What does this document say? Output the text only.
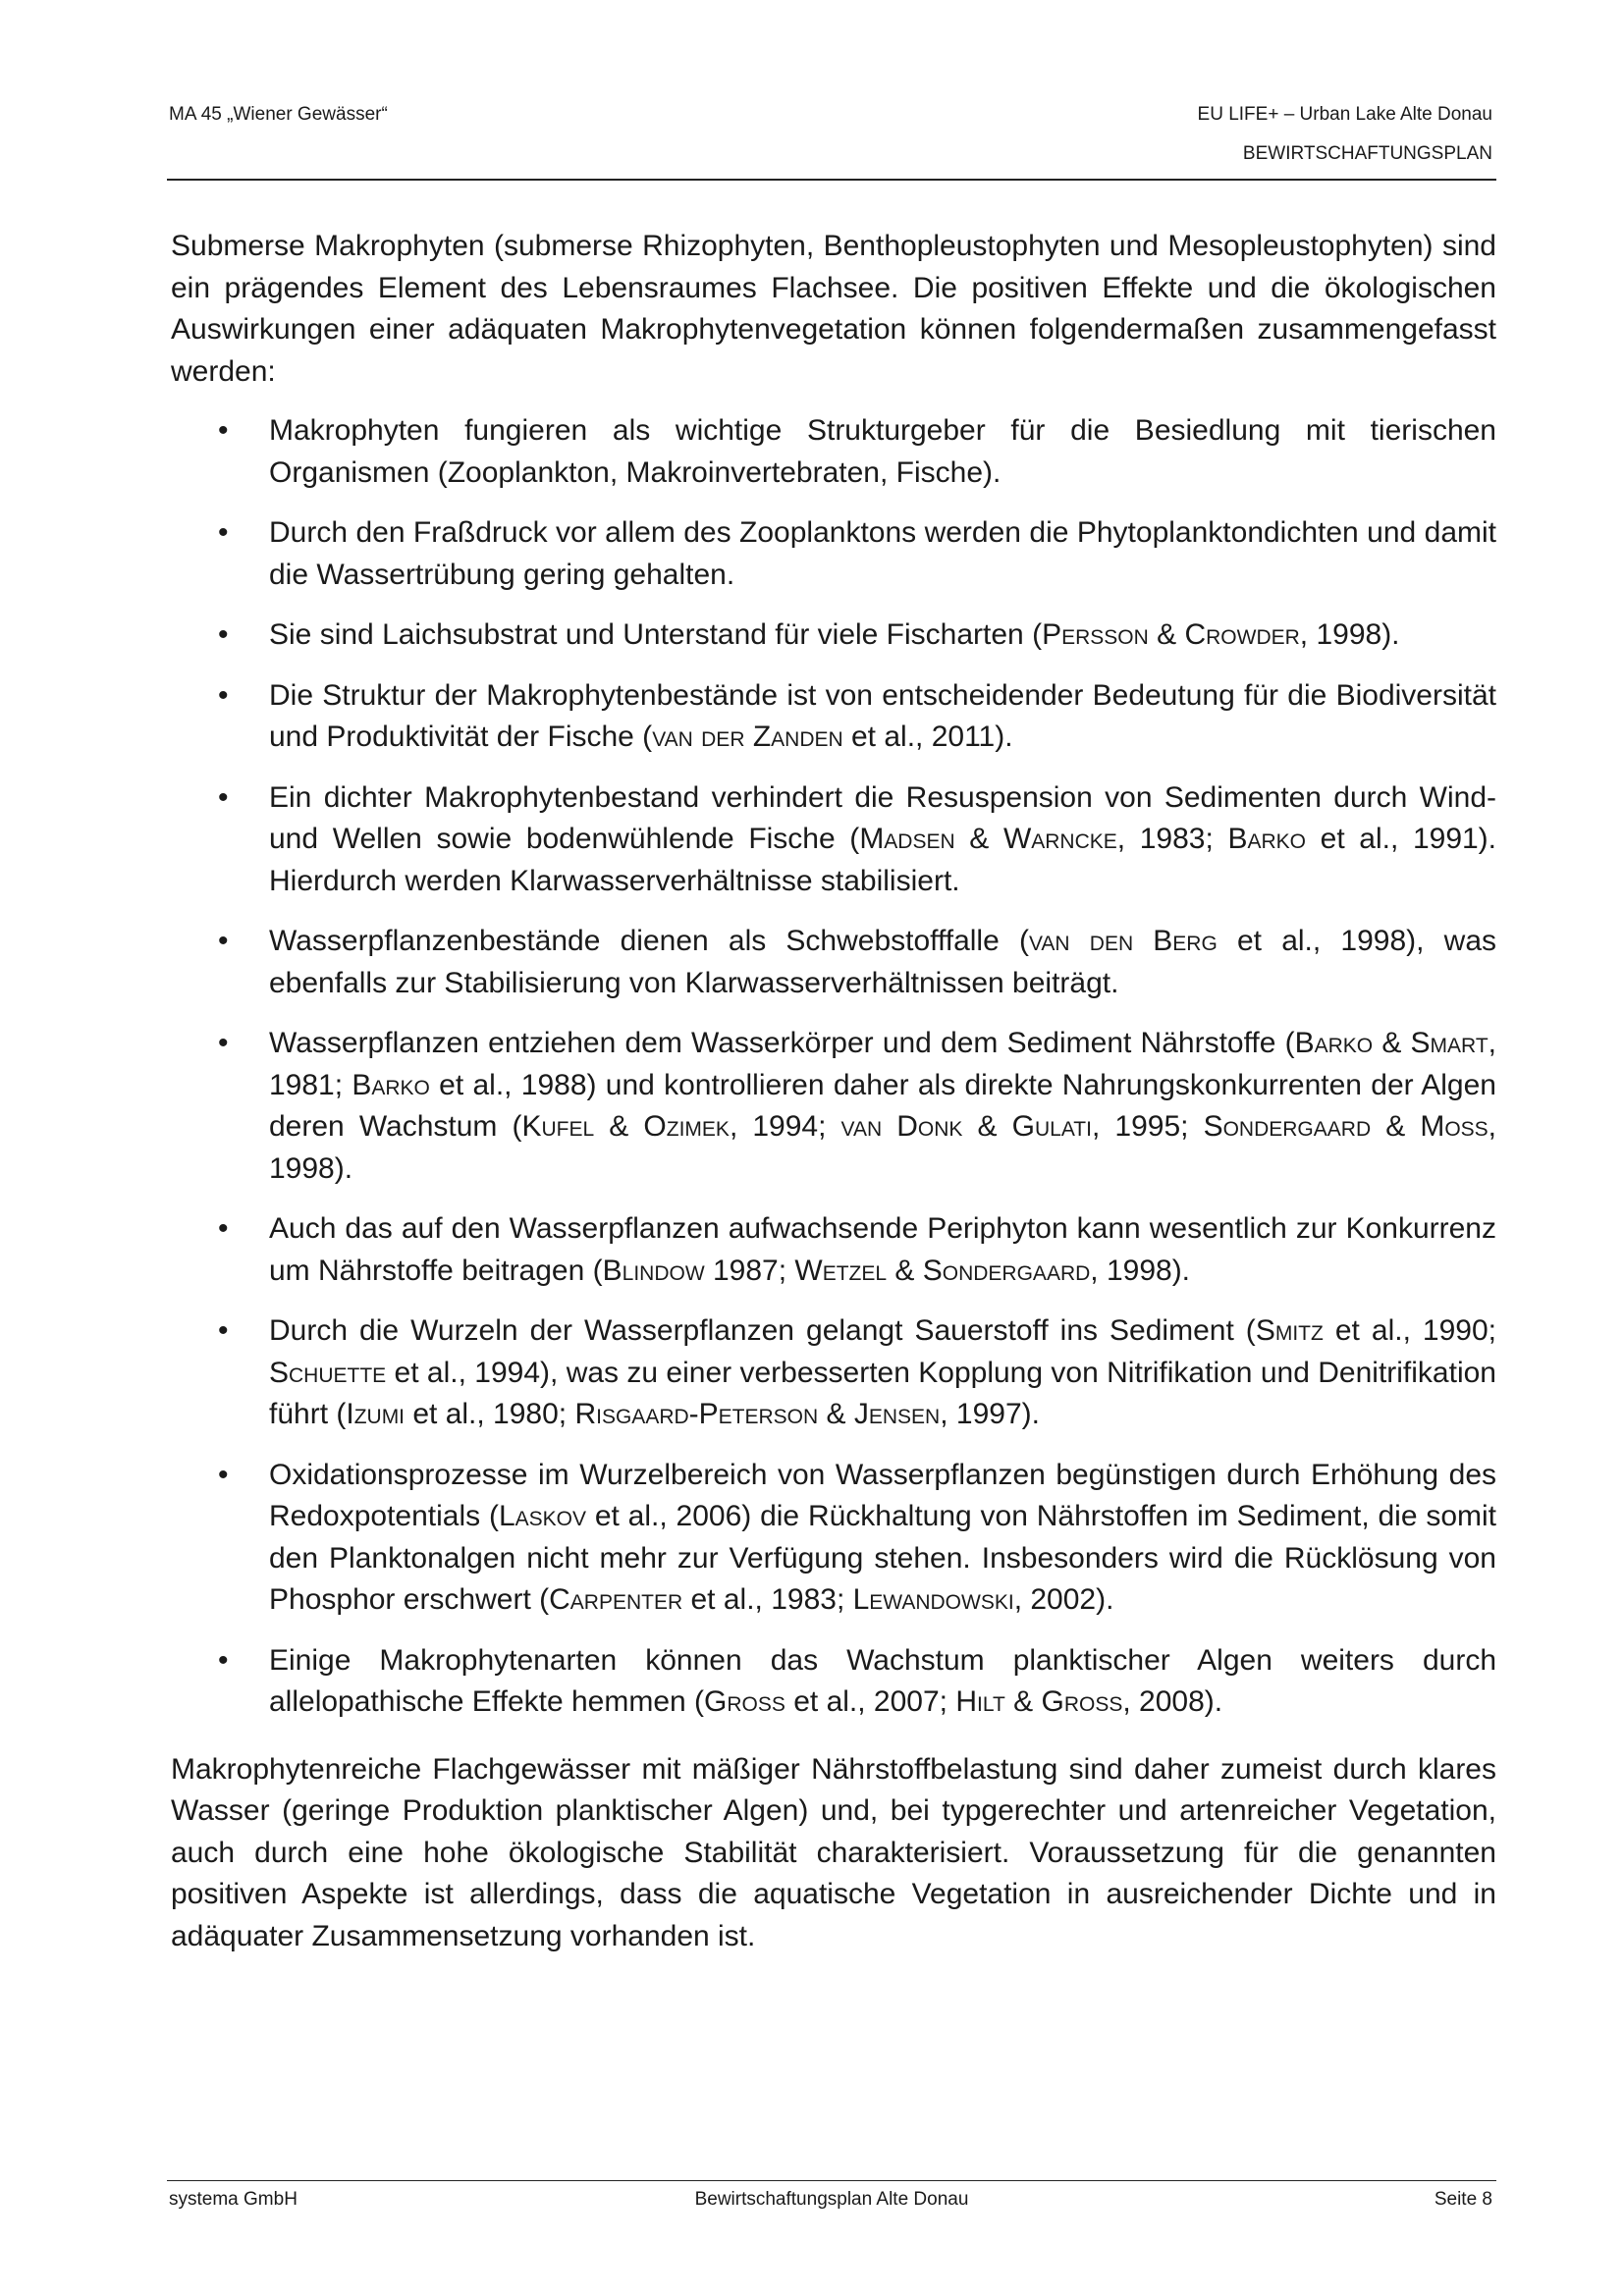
MA 45 „Wiener Gewässer“	EU LIFE+ – Urban Lake Alte Donau
BEWIRTSCHAFTUNGSPLAN

Submerse Makrophyten (submerse Rhizophyten, Benthopleustophyten und Mesopleustophyten) sind ein prägendes Element des Lebensraumes Flachsee. Die positiven Effekte und die ökologischen Auswirkungen einer adäquaten Makrophytenvegetation können folgendermaßen zusammengefasst werden:

• Makrophyten fungieren als wichtige Strukturgeber für die Besiedlung mit tierischen Organismen (Zooplankton, Makroinvertebraten, Fische).
• Durch den Fraßdruck vor allem des Zooplanktons werden die Phytoplanktondichten und damit die Wassertrübung gering gehalten.
• Sie sind Laichsubstrat und Unterstand für viele Fischarten (Persson & Crowder, 1998).
• Die Struktur der Makrophytenbestände ist von entscheidender Bedeutung für die Biodiversität und Produktivität der Fische (van der Zanden et al., 2011).
• Ein dichter Makrophytenbestand verhindert die Resuspension von Sedimenten durch Wind- und Wellen sowie bodenwühlende Fische (Madsen & Warncke, 1983; Barko et al., 1991). Hierdurch werden Klarwasserverhältnisse stabilisiert.
• Wasserpflanzenbestände dienen als Schwebstofffalle (van den Berg et al., 1998), was ebenfalls zur Stabilisierung von Klarwasserverhältnissen beiträgt.
• Wasserpflanzen entziehen dem Wasserkörper und dem Sediment Nährstoffe (Barko & Smart, 1981; Barko et al., 1988) und kontrollieren daher als direkte Nahrungskonkurrenten der Algen deren Wachstum (Kufel & Ozimek, 1994; van Donk & Gulati, 1995; Sondergaard & Moss, 1998).
• Auch das auf den Wasserpflanzen aufwachsende Periphyton kann wesentlich zur Konkurrenz um Nährstoffe beitragen (Blindow 1987; Wetzel & Sondergaard, 1998).
• Durch die Wurzeln der Wasserpflanzen gelangt Sauerstoff ins Sediment (Smitz et al., 1990; Schuette et al., 1994), was zu einer verbesserten Kopplung von Nitrifikation und Denitrifikation führt (Izumi et al., 1980; Risgaard-Peterson & Jensen, 1997).
• Oxidationsprozesse im Wurzelbereich von Wasserpflanzen begünstigen durch Erhöhung des Redoxpotentials (Laskov et al., 2006) die Rückhaltung von Nährstoffen im Sediment, die somit den Planktonalgen nicht mehr zur Verfügung stehen. Insbesonders wird die Rücklösung von Phosphor erschwert (Carpenter et al., 1983; Lewandowski, 2002).
• Einige Makrophytenarten können das Wachstum planktischer Algen weiters durch allelopathische Effekte hemmen (Gross et al., 2007; Hilt & Gross, 2008).

Makrophytenreiche Flachgewässer mit mäßiger Nährstoffbelastung sind daher zumeist durch klares Wasser (geringe Produktion planktischer Algen) und, bei typgerechter und artenreicher Vegetation, auch durch eine hohe ökologische Stabilität charakterisiert. Voraussetzung für die genannten positiven Aspekte ist allerdings, dass die aquatische Vegetation in ausreichender Dichte und in adäquater Zusammensetzung vorhanden ist.

systema GmbH	Bewirtschaftungsplan Alte Donau	Seite 8
